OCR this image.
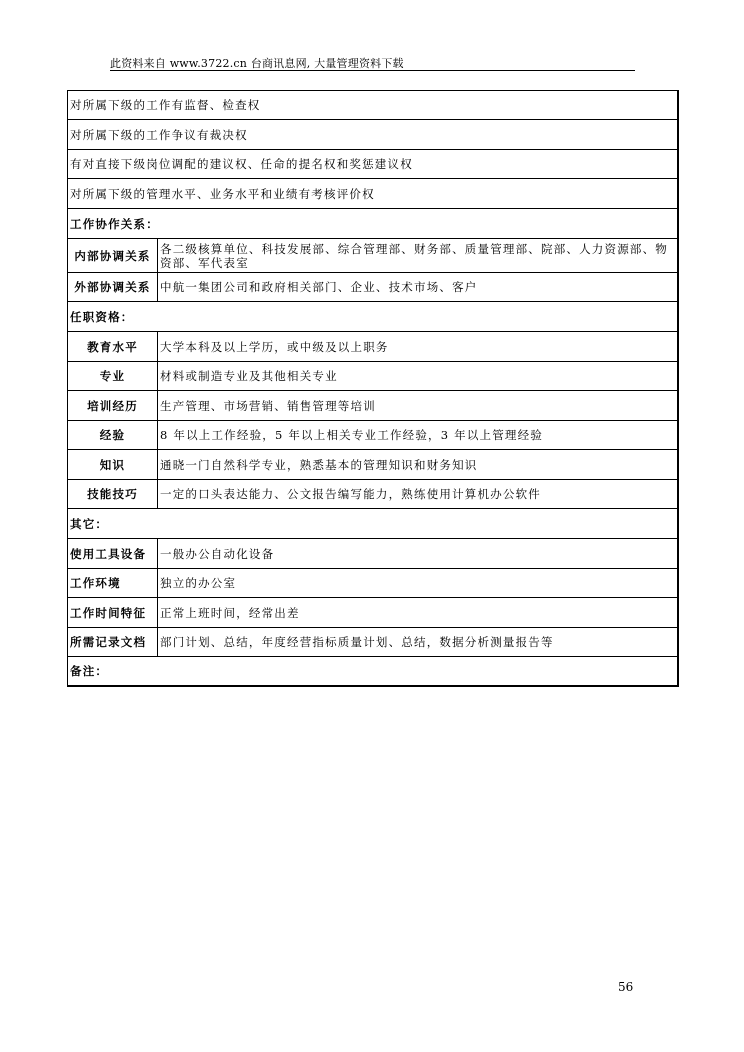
此资料来自 www.3722.cn 台商讯息网, 大量管理资料下载
对所属下级的工作有监督、检查权	
对所属下级的工作争议有裁决权	
有对直接下级岗位调配的建议权、任命的提名权和奖惩建议权	
对所属下级的管理水平、业务水平和业绩有考核评价权	
工作协作关系：	
内部协调关系	各二级核算单位、科技发展部、综合管理部、财务部、质量管理部、院部、人力资源部、物资部、军代表室
外部协调关系	中航一集团公司和政府相关部门、企业、技术市场、客户
任职资格：	
教育水平	大学本科及以上学历，或中级及以上职务
专业	材料或制造专业及其他相关专业
培训经历	生产管理、市场营销、销售管理等培训
经验	8 年以上工作经验，5 年以上相关专业工作经验，3 年以上管理经验
知识	通晓一门自然科学专业，熟悉基本的管理知识和财务知识
技能技巧	一定的口头表达能力、公文报告编写能力，熟练使用计算机办公软件
其它：	
使用工具设备	一般办公自动化设备
工作环境	独立的办公室
工作时间特征	正常上班时间，经常出差
所需记录文档	部门计划、总结，年度经营指标质量计划、总结，数据分析测量报告等
备注：	
56
